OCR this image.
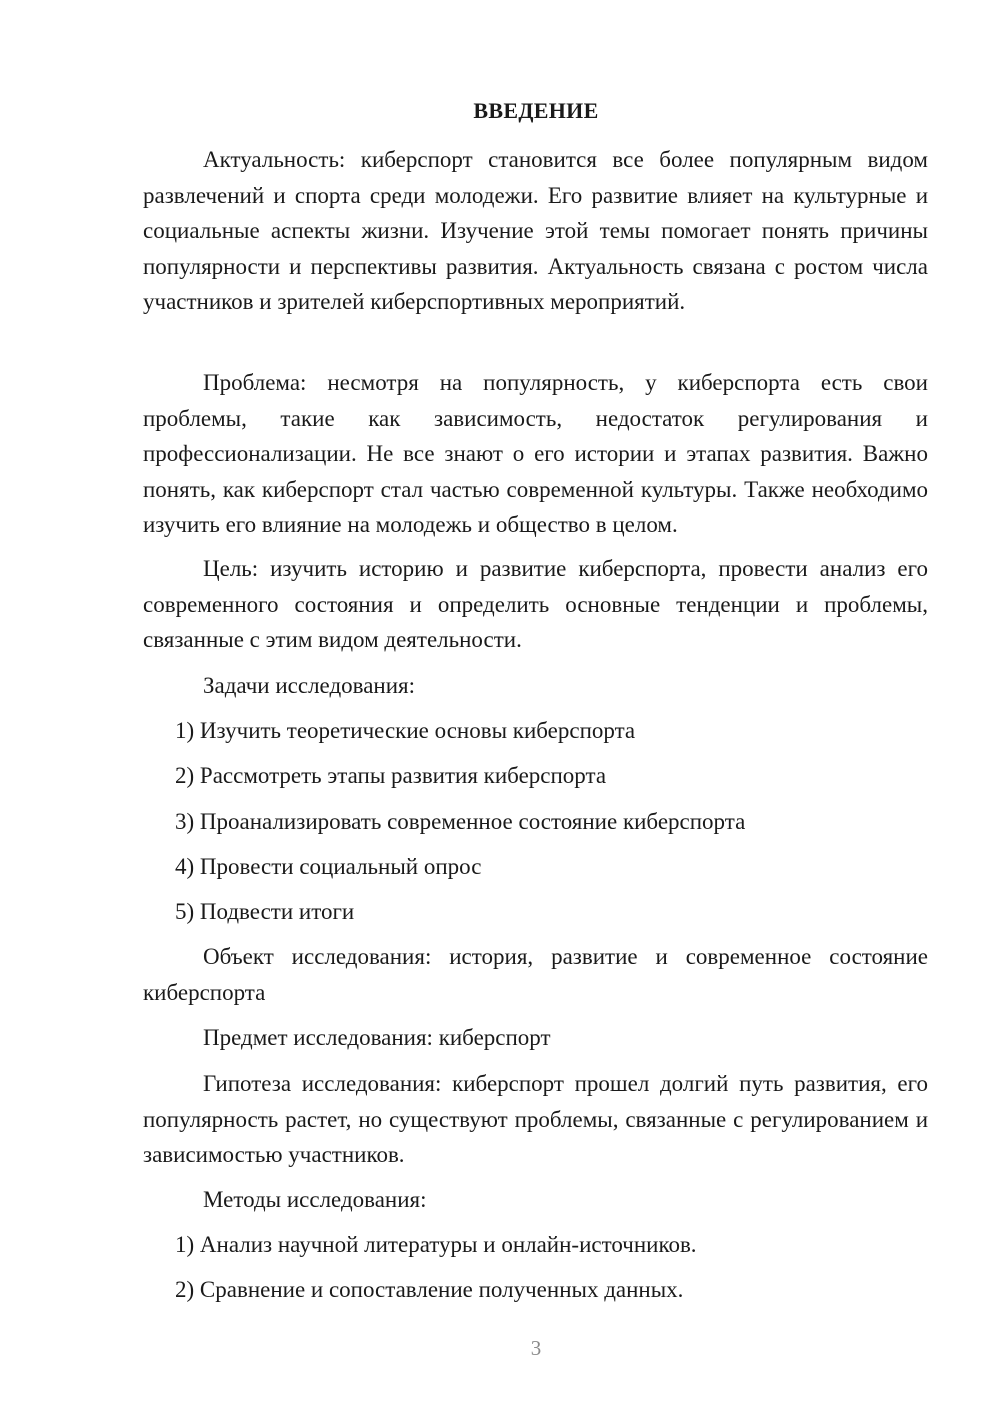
ВВЕДЕНИЕ

Актуальность: киберспорт становится все более популярным видом развлечений и спорта среди молодежи. Его развитие влияет на культурные и социальные аспекты жизни. Изучение этой темы помогает понять причины популярности и перспективы развития. Актуальность связана с ростом числа участников и зрителей киберспортивных мероприятий.

Проблема: несмотря на популярность, у киберспорта есть свои проблемы, такие как зависимость, недостаток регулирования и профессионализации. Не все знают о его истории и этапах развития. Важно понять, как киберспорт стал частью современной культуры. Также необходимо изучить его влияние на молодежь и общество в целом.

Цель: изучить историю и развитие киберспорта, провести анализ его современного состояния и определить основные тенденции и проблемы, связанные с этим видом деятельности.

Задачи исследования:

1) Изучить теоретические основы киберспорта

2) Рассмотреть этапы развития киберспорта

3) Проанализировать современное состояние киберспорта

4) Провести социальный опрос

5) Подвести итоги

Объект исследования: история, развитие и современное состояние киберспорта

Предмет исследования: киберспорт

Гипотеза исследования: киберспорт прошел долгий путь развития, его популярность растет, но существуют проблемы, связанные с регулированием и зависимостью участников.

Методы исследования:

1) Анализ научной литературы и онлайн-источников.

2) Сравнение и сопоставление полученных данных.

3
